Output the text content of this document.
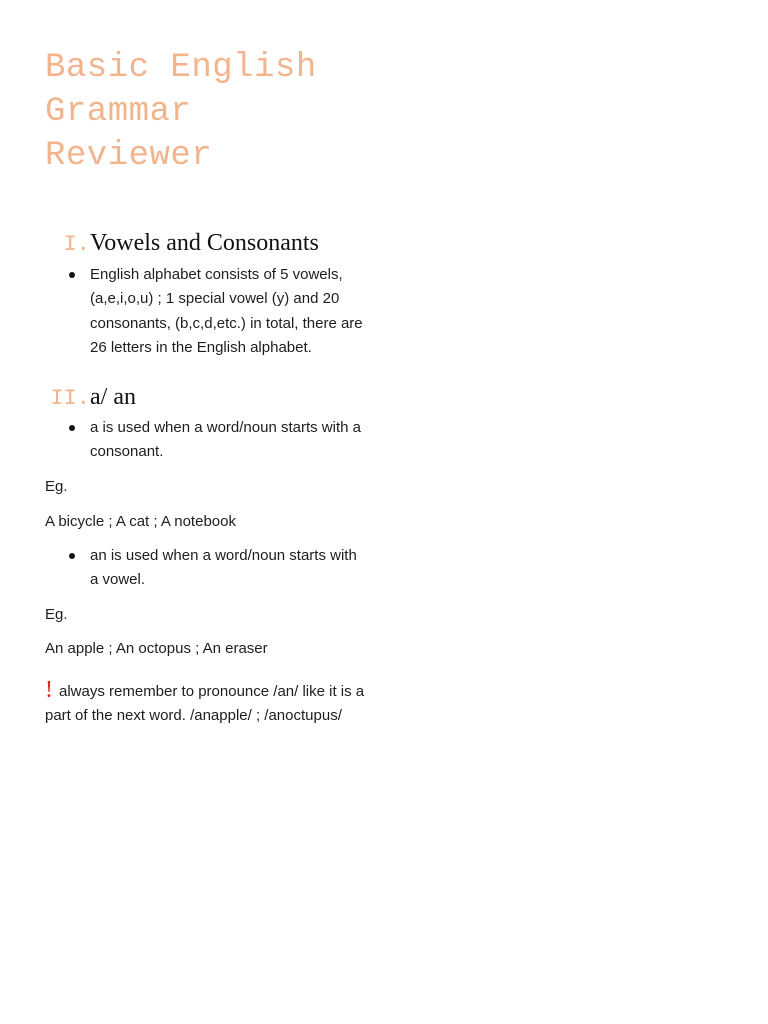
Basic English
Grammar
Reviewer
I. Vowels and Consonants
English alphabet consists of 5 vowels, (a,e,i,o,u) ; 1 special vowel (y) and 20 consonants, (b,c,d,etc.) in total, there are 26 letters in the English alphabet.
II. a/ an
a is used when a word/noun starts with a consonant.
Eg.
A bicycle ; A cat ; A notebook
an is used when a word/noun starts with a vowel.
Eg.
An apple ; An octopus ; An eraser
! always remember to pronounce /an/ like it is a part of the next word. /anapple/ ; /anoctupus/
